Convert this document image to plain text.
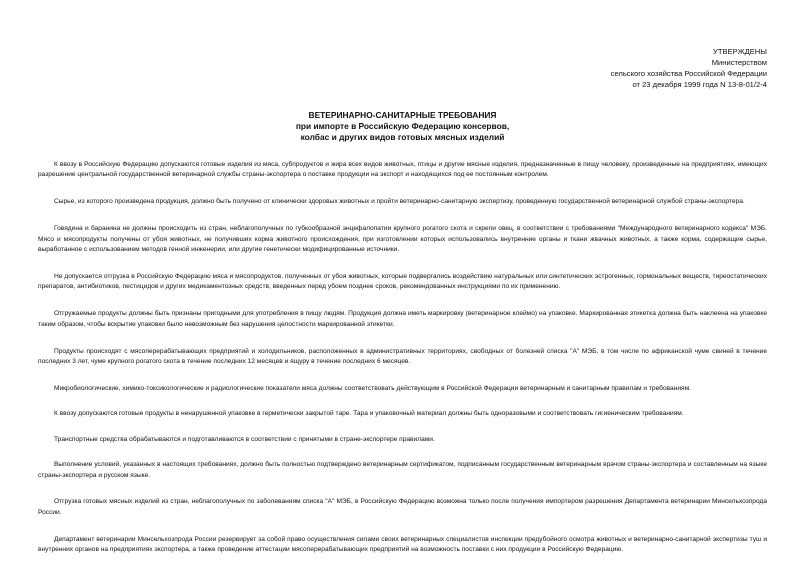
УТВЕРЖДЕНЫ
Министерством
сельского хозяйства Российской Федерации
от 23 декабря 1999 года N 13-8-01/2-4
ВЕТЕРИНАРНО-САНИТАРНЫЕ ТРЕБОВАНИЯ
при импорте в Российскую Федерацию консервов,
колбас и других видов готовых мясных изделий

К ввозу в Российскую Федерацию допускаются готовые изделия из мяса, субпродуктов и жира всех видов животных, птицы и другие мясные изделия, предназначенные в пищу человеку, произведенные на предприятиях, имеющих разрешение центральной государственной ветеринарной службы страны-экспортера о поставке продукции на экспорт и находящихся под ее постоянным контролем.

Сырье, из которого произведена продукция, должно быть получено от клинически здоровых животных и пройти ветеринарно-санитарную экспертизу, проведенную государственной ветеринарной службой страны-экспортера.

Говядина и баранина не должны происходить из стран, неблагополучных по губкообразной энцефалопатии крупного рогатого скота и скрепи овец, в соответствии с требованиями "Международного ветеринарного кодекса" МЭБ. Мясо и мясопродукты получены от убоя животных, не получивших корма животного происхождения, при изготовлении которых использовались внутренние органы и ткани жвачных животных, а также корма, содержащие сырье, выработанное с использованием методов генной инженерии, или другие генетически модифицированные источники.

Не допускается отгрузка в Российскую Федерацию мяса и мясопродуктов, полученных от убоя животных, которые подвергались воздействию натуральных или синтетических эстрогенных, гормональных веществ, тиреостатических препаратов, антибиотиков, пестицидов и других медикаментозных средств, введенных перед убоем позднее сроков, рекомендованных инструкциями по их применению.

Отгружаемые продукты должны быть признаны пригодными для употребления в пищу людям. Продукция должна иметь маркировку (ветеринарное клеймо) на упаковке. Маркированная этикетка должна быть наклеена на упаковке таким образом, чтобы вскрытие упаковки было невозможным без нарушения целостности маркированной этикетки.

Продукты происходят с мясоперерабатывающих предприятий и холодильников, расположенных в административных территориях, свободных от болезней списка "А" МЭБ, в том числе по африканской чуме свиней в течение последних 3 лет, чуме крупного рогатого скота в течение последних 12 месяцев и ящуру в течение последних 6 месяцев.

Микробиологические, химико-токсикологические и радиологические показатели мяса должны соответствовать действующим в Российской Федерации ветеринарным и санитарным правилам и требованиям.

К ввозу допускаются готовые продукты в ненарушенной упаковке в герметически закрытой таре. Тара и упаковочный материал должны быть одноразовыми и соответствовать гигиеническим требованиям.

Транспортные средства обрабатываются и подготавливаются в соответствии с принятыми в стране-экспортере правилами.

Выполнение условий, указанных в настоящих требованиях, должно быть полностью подтверждено ветеринарным сертификатом, подписанным государственным ветеринарным врачом страны-экспортера и составленным на языке страны-экспортера и русском языке.

Отгрузка готовых мясных изделий из стран, неблагополучных по заболеваниям списка "А" МЭБ, в Российскую Федерацию возможна только после получения импортером разрешения Департамента ветеринарии Минсельхозпрода России.

Департамент ветеринарии Минсельхозпрода России резервирует за собой право осуществления силами своих ветеринарных специалистов инспекции предубойного осмотра животных и ветеринарно-санитарной экспертизы туш и внутренних органов на предприятиях экспортера, а также проведение аттестации мясоперерабатывающих предприятий на возможность поставки с них продукции в Российскую Федерацию.
